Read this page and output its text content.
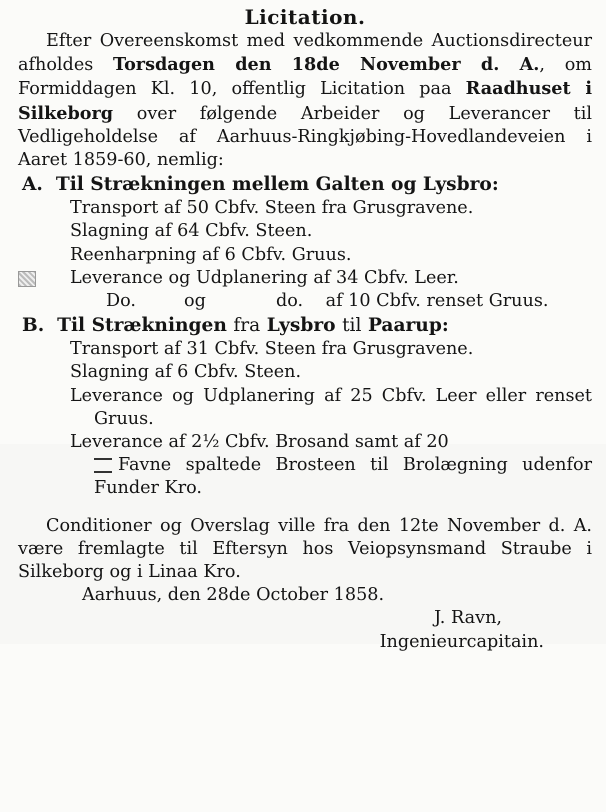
Licitation.

Efter Overeenskomst med vedkommende Auctionsdirecteur afholdes Torsdagen den 18de November d. A., om Formiddagen Kl. 10, offentlig Licitation paa Raadhuset i Silkeborg over følgende Arbeider og Leverancer til Vedligeholdelse af Aarhuus-Ringkjøbing-Hovedlandeveien i Aaret 1859-60, nemlig:

A. Til Strækningen mellem Galten og Lysbro:

Transport af 50 Cbfv. Steen fra Grusgravene.

Slagning af 64 Cbfv. Steen.

Reenharpning af 6 Cbfv. Gruus.

Leverance og Udplanering af 34 Cbfv. Leer.

Do.	og	do. af 10 Cbfv. renset Gruus.

B. Til Strækningen fra Lysbro til Paarup:

Transport af 31 Cbfv. Steen fra Grusgravene.

Slagning af 6 Cbfv. Steen.

Leverance og Udplanering af 25 Cbfv. Leer eller renset Gruus.

Leverance af 2½ Cbfv. Brosand samt af 20

Favne spaltede Brosteen til Brolægning udenfor Funder Kro.

Conditioner og Overslag ville fra den 12te November d. A. være fremlagte til Eftersyn hos Veiopsynsmand Straube i Silkeborg og i Linaa Kro.

Aarhuus, den 28de October 1858.

J. Ravn,

Ingenieurcapitain.
